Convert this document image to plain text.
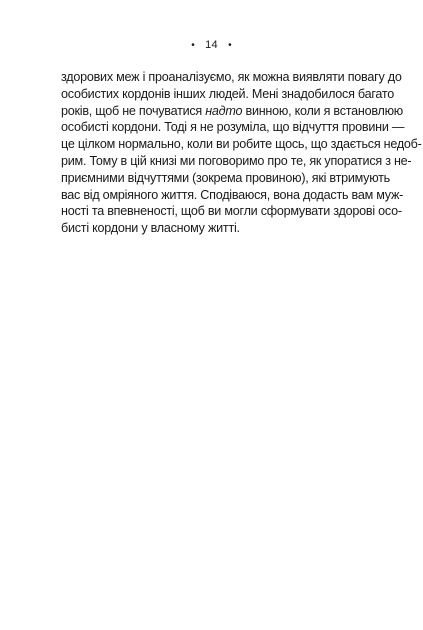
• 14 •
здорових меж і проаналізуємо, як можна виявляти повагу до
особистих кордонів інших людей. Мені знадобилося багато
років, щоб не почуватися надто винною, коли я встановлюю
особисті кордони. Тоді я не розуміла, що відчуття провини —
це цілком нормально, коли ви робите щось, що здається недоб-
рим. Тому в цій книзі ми поговоримо про те, як упоратися з не-
приємними відчуттями (зокрема провиною), які втримують
вас від омріяного життя. Сподіваюся, вона додасть вам муж-
ності та впевненості, щоб ви могли сформувати здорові осо-
бисті кордони у власному житті.
